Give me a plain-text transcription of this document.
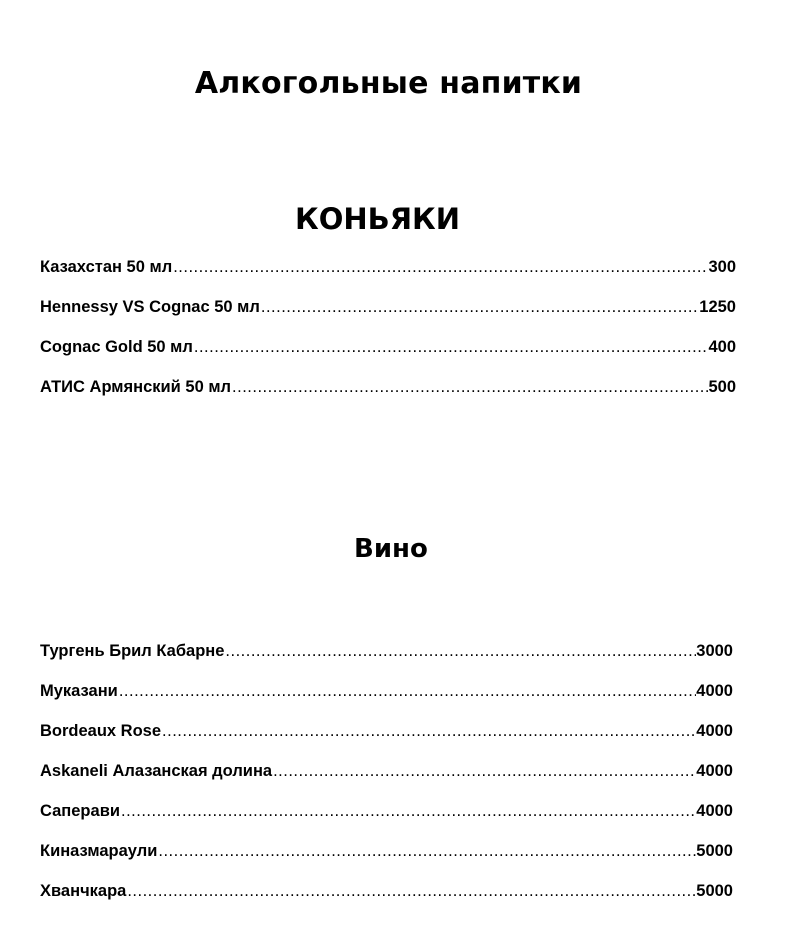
Алкогольные напитки
КОНЬЯКИ
Казахстан 50 мл .....	300
Hennessy VS Cognac 50 мл .....	1250
Cognac Gold 50 мл .....	400
АТИС Армянский 50 мл .....	500
Вино
Тургень Брил Кабарне .....	3000
Муказани .....	4000
Bordeaux Rose .....	4000
Askaneli Алазанская долина .....	4000
Саперави .....	4000
Киназмараули .....	5000
Хванчкара .....	5000
